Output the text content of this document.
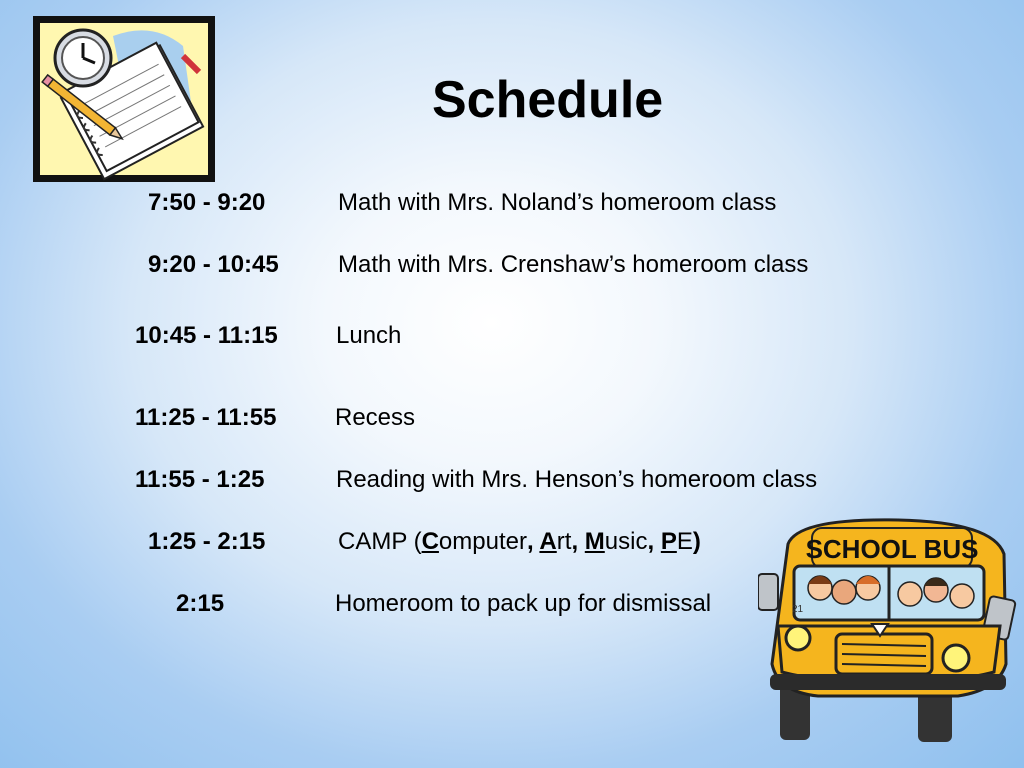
Schedule
7:50 - 9:20	Math with Mrs. Noland’s homeroom class
9:20 - 10:45 Math with Mrs. Crenshaw’s homeroom class
10:45 - 11:15 Lunch
11:25 - 11:55 Recess
11:55 - 1:25	Reading with Mrs. Henson’s homeroom class
1:25 - 2:15	CAMP (Computer, Art, Music, PE)
2:15	Homeroom to pack up for dismissal
SCHOOL BUS
21
